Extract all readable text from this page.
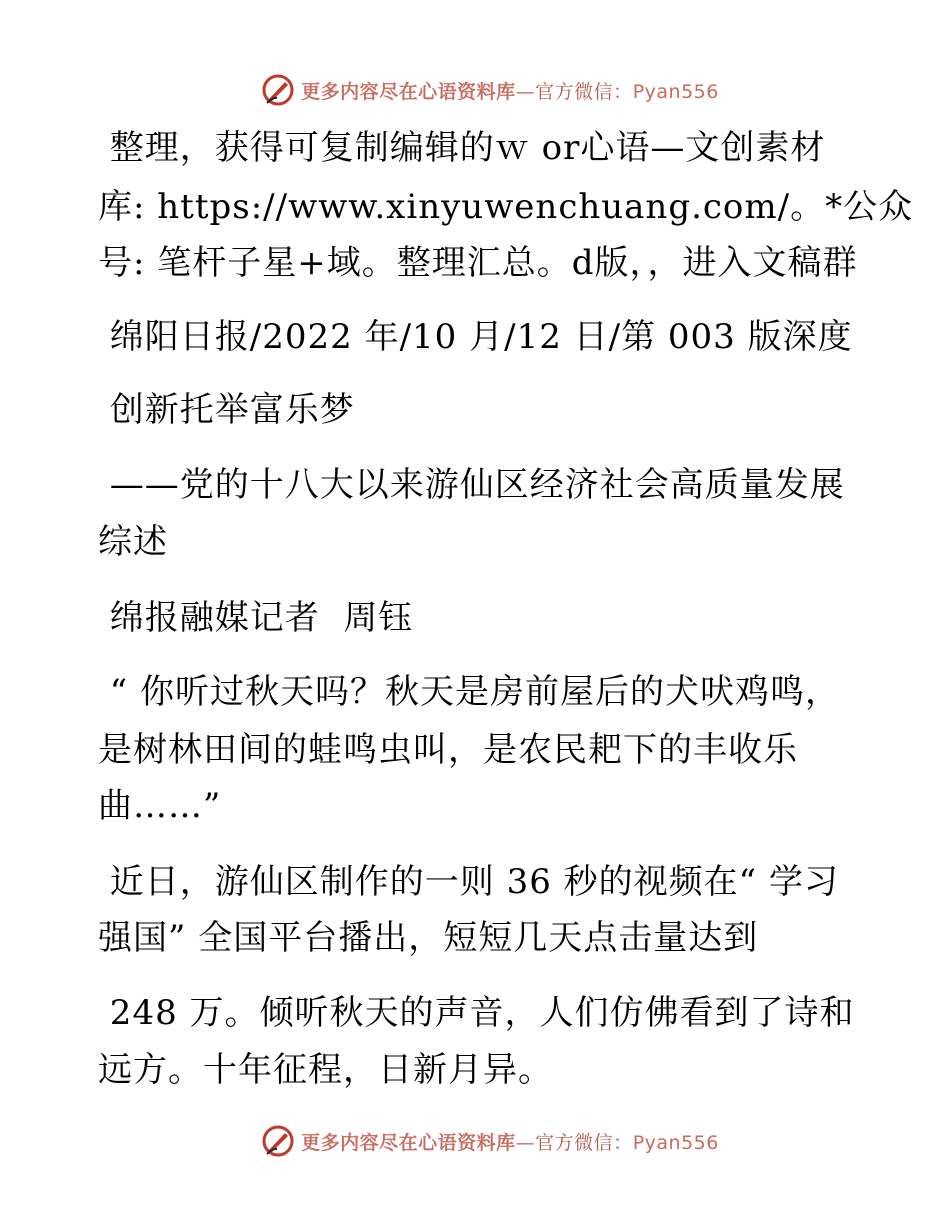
更多内容尽在心语资料库—官方微信：Pyan556
整理，获得可复制编辑的ｗ or心语—文创素材
库: https://www.xinyuwenchuang.com/。*公众
号: 笔杆子星+域。整理汇总。d版，，进入文稿群
绵阳日报/2022 年/10 月/12 日/第 003 版深度
创新托举富乐梦
——党的十八大以来游仙区经济社会高质量发展
综述
绵报融媒记者  周钰
“ 你听过秋天吗？秋天是房前屋后的犬吠鸡鸣，
是树林田间的蛙鸣虫叫，是农民耙下的丰收乐
曲……”
近日，游仙区制作的一则 36 秒的视频在“ 学习
强国” 全国平台播出，短短几天点击量达到
248 万。倾听秋天的声音，人们仿佛看到了诗和
远方。十年征程，日新月异。
更多内容尽在心语资料库—官方微信：Pyan556
